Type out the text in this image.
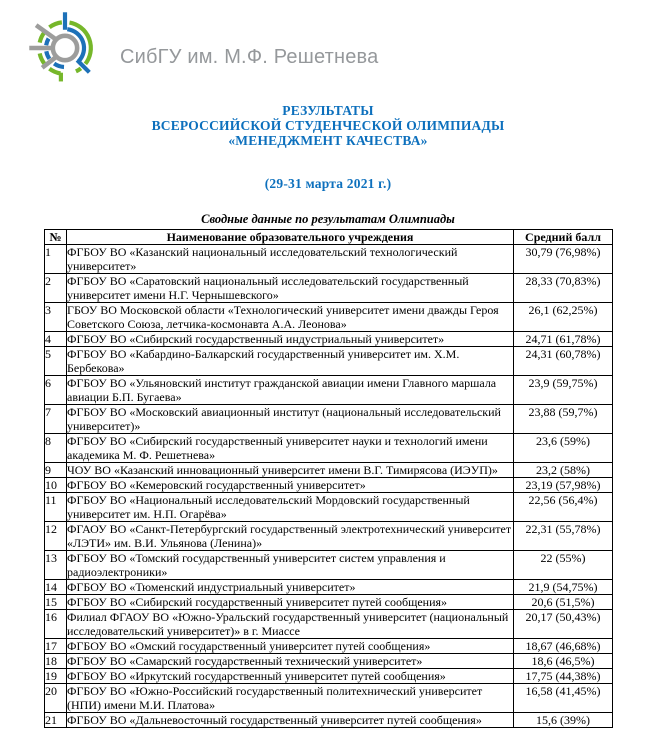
СибГУ им. М.Ф. Решетнева
РЕЗУЛЬТАТЫ
ВСЕРОССИЙСКОЙ СТУДЕНЧЕСКОЙ ОЛИМПИАДЫ
«МЕНЕДЖМЕНТ КАЧЕСТВА»
(29-31 марта 2021 г.)
Сводные данные по результатам Олимпиады
№	Наименование образовательного учреждения	Средний балл
1	ФГБОУ ВО «Казанский национальный исследовательский технологический университет»	30,79 (76,98%)
2	ФГБОУ ВО «Саратовский национальный исследовательский государственный университет имени Н.Г. Чернышевского»	28,33 (70,83%)
3	ГБОУ ВО Московской области «Технологический университет имени дважды Героя Советского Союза, летчика-космонавта А.А. Леонова»	26,1 (62,25%)
4	ФГБОУ ВО «Сибирский государственный индустриальный университет»	24,71 (61,78%)
5	ФГБОУ ВО «Кабардино-Балкарский государственный университет им. Х.М. Бербекова»	24,31 (60,78%)
6	ФГБОУ ВО «Ульяновский институт гражданской авиации имени Главного маршала авиации Б.П. Бугаева»	23,9 (59,75%)
7	ФГБОУ ВО «Московский авиационный институт (национальный исследовательский университет)»	23,88 (59,7%)
8	ФГБОУ ВО «Сибирский государственный университет науки и технологий имени академика М. Ф. Решетнева»	23,6 (59%)
9	ЧОУ ВО «Казанский инновационный университет имени В.Г. Тимирясова (ИЭУП)»	23,2 (58%)
10	ФГБОУ ВО «Кемеровский государственный университет»	23,19 (57,98%)
11	ФГБОУ ВО «Национальный исследовательский Мордовский государственный университет им. Н.П. Огарёва»	22,56 (56,4%)
12	ФГАОУ ВО «Санкт-Петербургский государственный электротехнический университет «ЛЭТИ» им. В.И. Ульянова (Ленина)»	22,31 (55,78%)
13	ФГБОУ ВО «Томский государственный университет систем управления и радиоэлектроники»	22 (55%)
14	ФГБОУ ВО «Тюменский индустриальный университет»	21,9 (54,75%)
15	ФГБОУ ВО «Сибирский государственный университет путей сообщения»	20,6 (51,5%)
16	Филиал ФГАОУ ВО «Южно-Уральский государственный университет (национальный исследовательский университет)» в г. Миассе	20,17 (50,43%)
17	ФГБОУ ВО «Омский государственный университет путей сообщения»	18,67 (46,68%)
18	ФГБОУ ВО «Самарский государственный технический университет»	18,6 (46,5%)
19	ФГБОУ ВО «Иркутский государственный университет путей сообщения»	17,75 (44,38%)
20	ФГБОУ ВО «Южно-Российский государственный политехнический университет (НПИ) имени М.И. Платова»	16,58 (41,45%)
21	ФГБОУ ВО «Дальневосточный государственный университет путей сообщения»	15,6 (39%)
